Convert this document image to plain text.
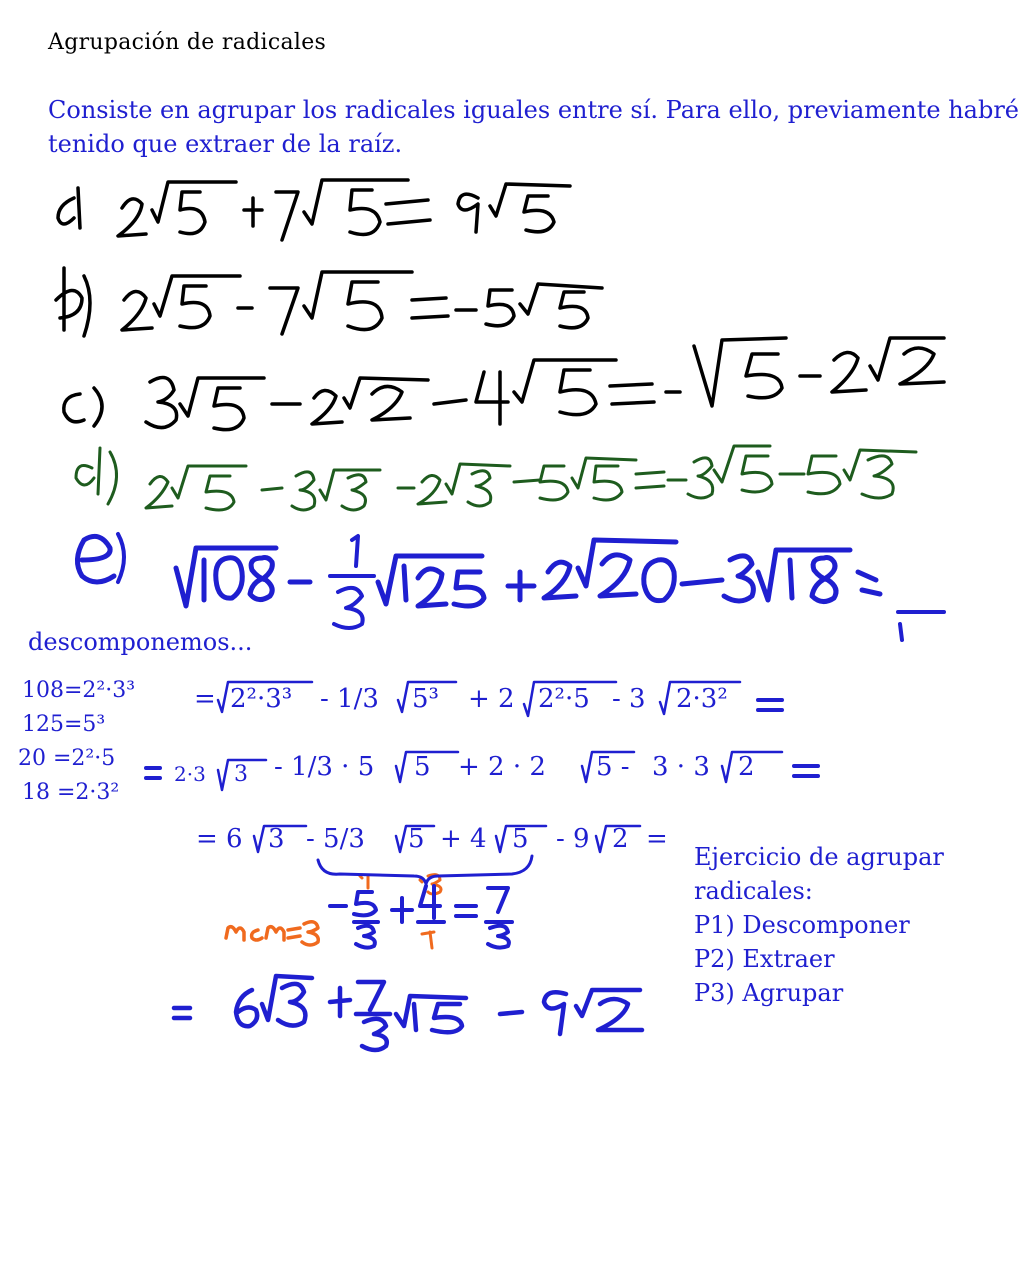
Agrupación de radicales
Consiste en agrupar los radicales iguales entre sí. Para ello, previamente habré tenido que extraer de la raíz.
descomponemos...
108=2²·3³
125=5³
20 =2²·5
18 =2·3²
= 2²·3³ - 1/3 5³ + 2 2²·5 - 3 2·3²
2·3 3 - 1/3 · 5 5 + 2 · 2 5 - 3 · 3 2
= 6 3 - 5/3 5 + 4 5 - 9 2 =
Ejercicio de agrupar
radicales:
P1) Descomponer
P2) Extraer
P3) Agrupar
